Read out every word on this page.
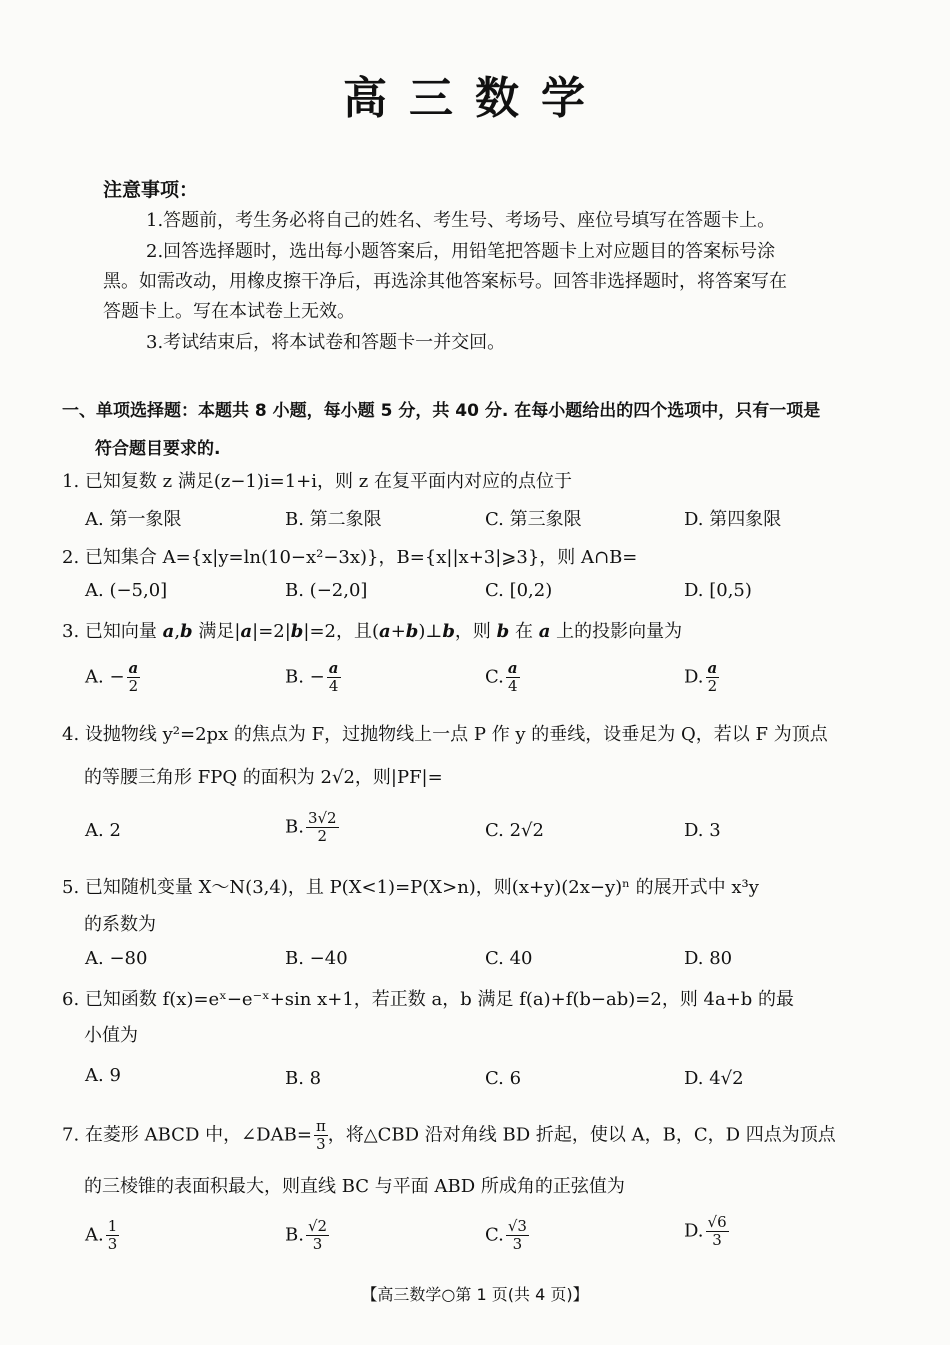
高三数学
注意事项：
1.答题前，考生务必将自己的姓名、考生号、考场号、座位号填写在答题卡上。
2.回答选择题时，选出每小题答案后，用铅笔把答题卡上对应题目的答案标号涂
黑。如需改动，用橡皮擦干净后，再选涂其他答案标号。回答非选择题时，将答案写在
答题卡上。写在本试卷上无效。
3.考试结束后，将本试卷和答题卡一并交回。
一、单项选择题：本题共 8 小题，每小题 5 分，共 40 分. 在每小题给出的四个选项中，只有一项是
符合题目要求的.
1. 已知复数 z 满足(z−1)i=1+i，则 z 在复平面内对应的点位于
A. 第一象限	B. 第二象限	C. 第三象限	D. 第四象限
2. 已知集合 A={x|y=ln(10−x²−3x)}，B={x||x+3|⩾3}，则 A∩B=
A. (−5,0]	B. (−2,0]	C. [0,2)	D. [0,5)
3. 已知向量 a,b 满足|a|=2|b|=2，且(a+b)⊥b，则 b 在 a 上的投影向量为
A. − $\frac{a}{2}$	B. − $\frac{a}{4}$	C. $\frac{a}{4}$	D. $\frac{a}{2}$
4. 设抛物线 y²=2px 的焦点为 F，过抛物线上一点 P 作 y 的垂线，设垂足为 Q，若以 F 为顶点
的等腰三角形 FPQ 的面积为 2√2，则|PF|=
A. 2	B. $\frac{3√2}{2}$	C. 2√2	D. 3
5. 已知随机变量 X～N(3,4)，且 P(X<1)=P(X>n)，则(x+y)(2x−y)ⁿ 的展开式中 x³y
的系数为
A. −80	B. −40	C. 40	D. 80
6. 已知函数 f(x)=eˣ−e⁻ˣ+sin x+1，若正数 a，b 满足 f(a)+f(b−ab)=2，则 4a+b 的最
小值为
A. 9	B. 8	C. 6	D. 4√2
7. 在菱形 ABCD 中，∠DAB= $\frac{\pi}{3}$ ，将△CBD 沿对角线 BD 折起，使以 A，B，C，D 四点为顶点
的三棱锥的表面积最大，则直线 BC 与平面 ABD 所成角的正弦值为
A. $\frac{1}{3}$	B. $\frac{√2}{3}$	C. $\frac{√3}{3}$	D. $\frac{√6}{3}$
【高三数学○第 1 页(共 4 页)】
